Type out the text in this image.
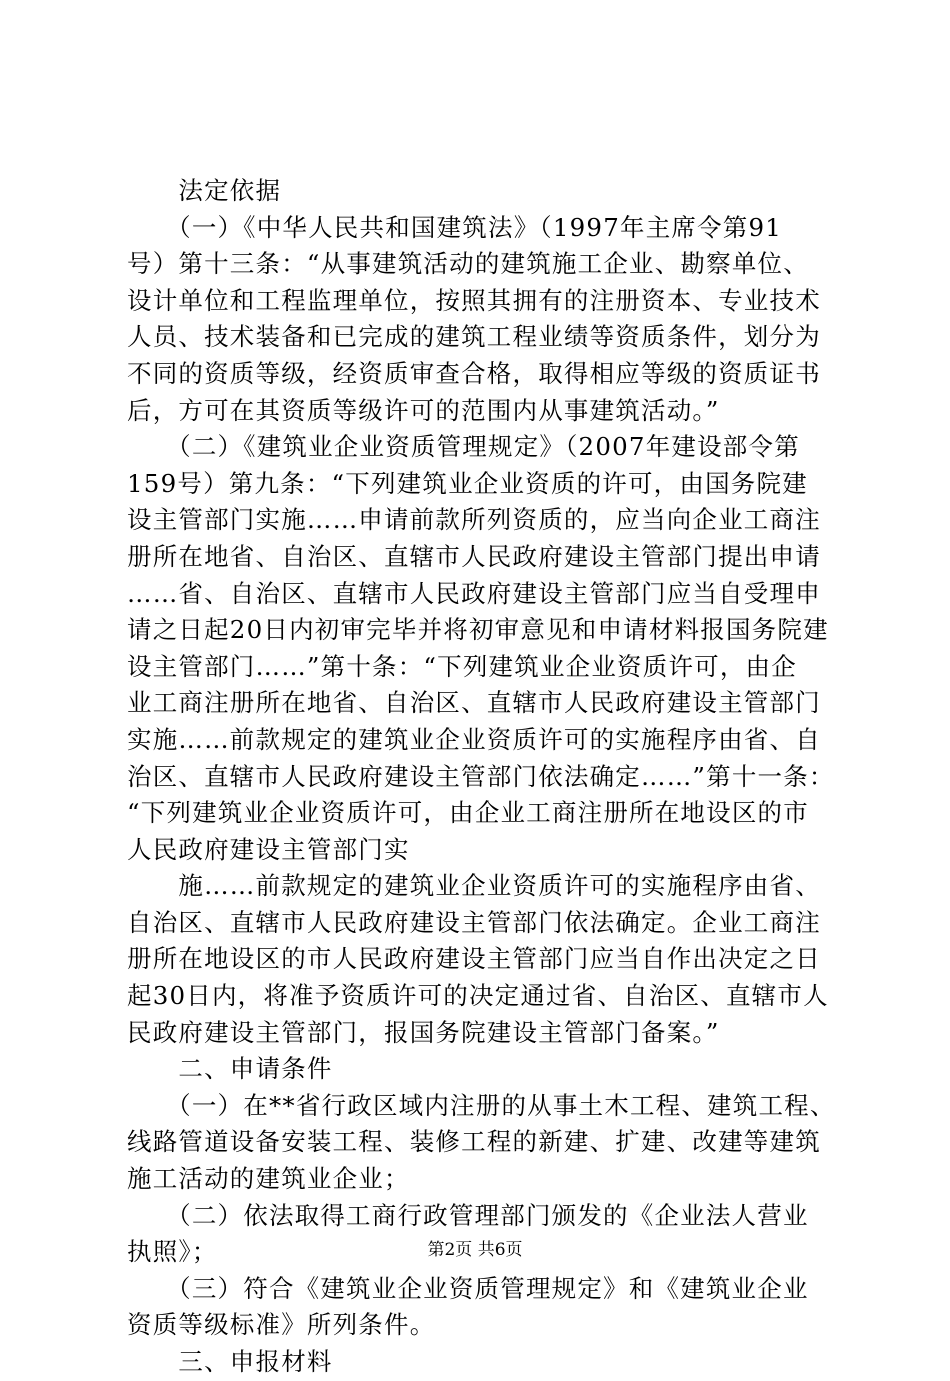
　　法定依据
　　（一）《中华人民共和国建筑法》（1997年主席令第91
号）第十三条：“从事建筑活动的建筑施工企业、勘察单位、
设计单位和工程监理单位，按照其拥有的注册资本、专业技术
人员、技术装备和已完成的建筑工程业绩等资质条件，划分为
不同的资质等级，经资质审查合格，取得相应等级的资质证书
后，方可在其资质等级许可的范围内从事建筑活动。”
　　（二）《建筑业企业资质管理规定》（2007年建设部令第
159号）第九条：“下列建筑业企业资质的许可，由国务院建
设主管部门实施……申请前款所列资质的，应当向企业工商注
册所在地省、自治区、直辖市人民政府建设主管部门提出申请
……省、自治区、直辖市人民政府建设主管部门应当自受理申
请之日起20日内初审完毕并将初审意见和申请材料报国务院建
设主管部门……”第十条：“下列建筑业企业资质许可，由企
业工商注册所在地省、自治区、直辖市人民政府建设主管部门
实施……前款规定的建筑业企业资质许可的实施程序由省、自
治区、直辖市人民政府建设主管部门依法确定……”第十一条：
“下列建筑业企业资质许可，由企业工商注册所在地设区的市
人民政府建设主管部门实
　　施……前款规定的建筑业企业资质许可的实施程序由省、
自治区、直辖市人民政府建设主管部门依法确定。企业工商注
册所在地设区的市人民政府建设主管部门应当自作出决定之日
起30日内，将准予资质许可的决定通过省、自治区、直辖市人
民政府建设主管部门，报国务院建设主管部门备案。”
　　二、申请条件
　　（一）在**省行政区域内注册的从事土木工程、建筑工程、
线路管道设备安装工程、装修工程的新建、扩建、改建等建筑
施工活动的建筑业企业；
　　（二）依法取得工商行政管理部门颁发的《企业法人营业
执照》；
　　（三）符合《建筑业企业资质管理规定》和《建筑业企业
资质等级标准》所列条件。
　　三、申报材料
第2页 共6页
